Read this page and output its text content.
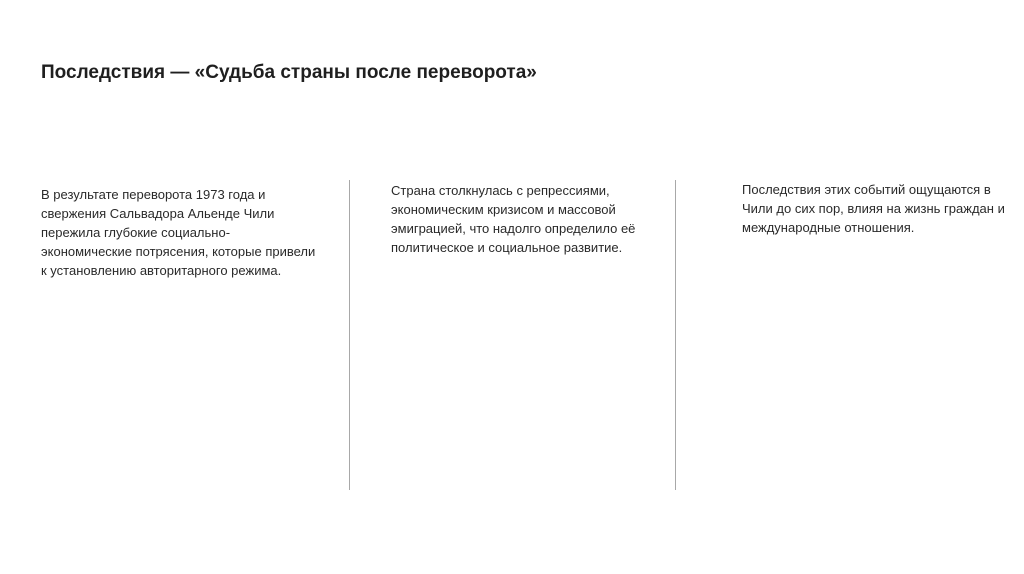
Последствия — «Судьба страны после переворота»
В результате переворота 1973 года и свержения Сальвадора Альенде Чили пережила глубокие социально-экономические потрясения, которые привели к установлению авторитарного режима.
Страна столкнулась с репрессиями, экономическим кризисом и массовой эмиграцией, что надолго определило её политическое и социальное развитие.
Последствия этих событий ощущаются в Чили до сих пор, влияя на жизнь граждан и международные отношения.
